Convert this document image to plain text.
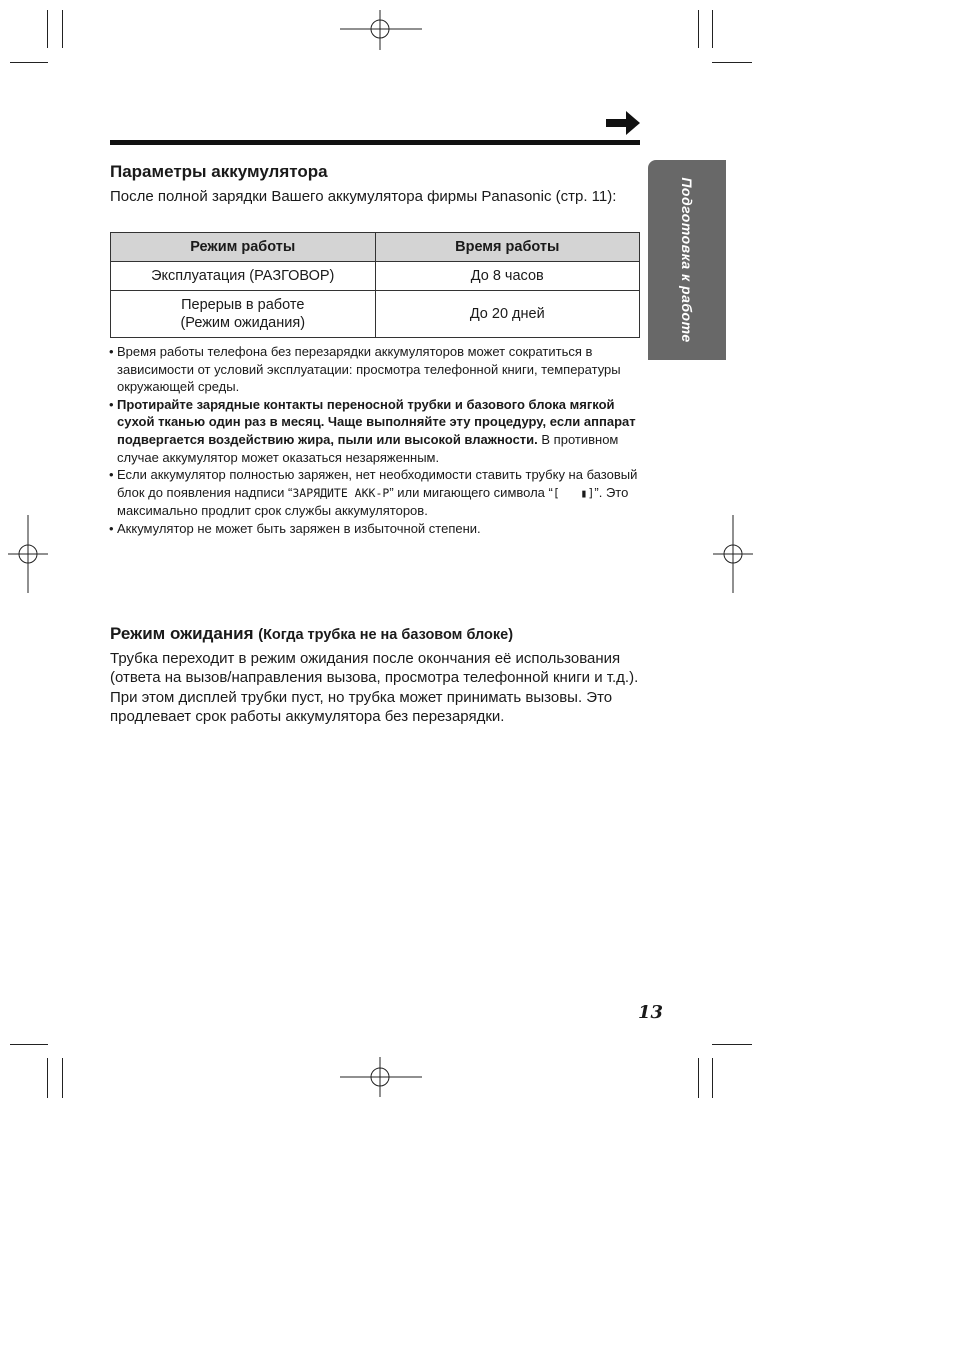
Подготовка к работе
Параметры аккумулятора

После полной зарядки Вашего аккумулятора фирмы Panasonic (стр. 11):

Режим работы	Время работы
Эксплуатация (РАЗГОВОР)	До 8 часов
Перерыв в работе
(Режим ожидания)	До 20 дней
• Время работы телефона без перезарядки аккумуляторов может сократиться в зависимости от условий эксплуатации: просмотра телефонной книги, температуры окружающей среды.
• Протирайте зарядные контакты переносной трубки и базового блока мягкой сухой тканью один раз в месяц. Чаще выполняйте эту процедуру, если аппарат подвергается воздействию жира, пыли или высокой влажности. В противном случае аккумулятор может оказаться незаряженным.
• Если аккумулятор полностью заряжен, нет необходимости ставить трубку на базовый блок до появления надписи “ЗАРЯДИТЕ АКК-Р” или мигающего символа “[   ▮]”. Это максимально продлит срок службы аккумуляторов.
• Аккумулятор не может быть заряжен в избыточной степени.
Режим ожидания (Когда трубка не на базовом блоке)

Трубка переходит в режим ожидания после окончания её использования (ответа на вызов/направления вызова, просмотра телефонной книги и т.д.). При этом дисплей трубки пуст, но трубка может принимать вызовы. Это продлевает срок работы аккумулятора без перезарядки.

13
